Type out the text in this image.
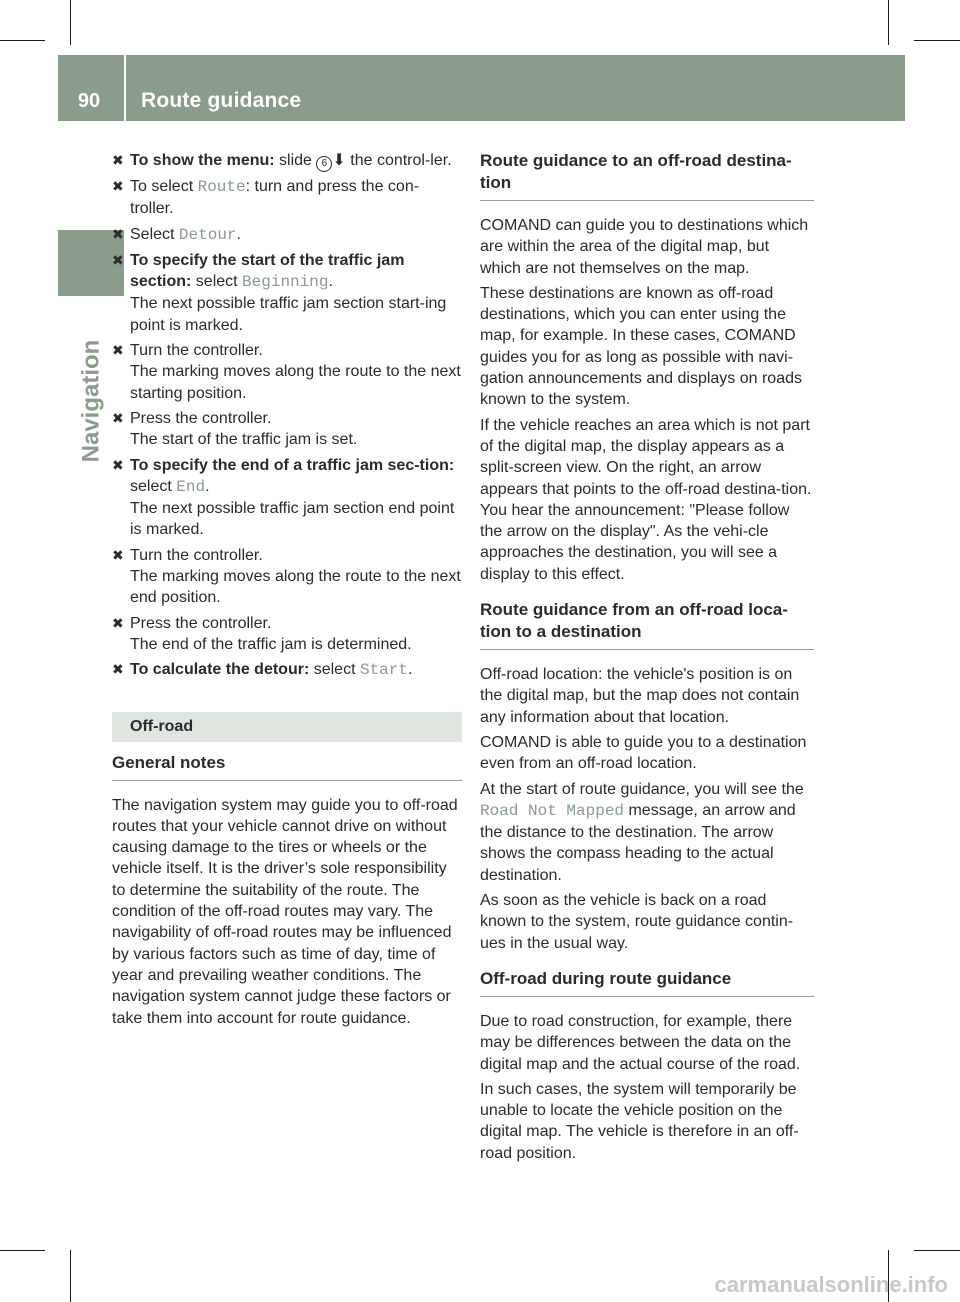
90	Route guidance
Navigation
✖ To show the menu: slide 6 ⬇ the control-ler.
✖ To select Route: turn and press the con-troller.
✖ Select Detour.
✖ To specify the start of the traffic jam section: select Beginning.

The next possible traffic jam section start-ing point is marked.

✖ Turn the controller.

The marking moves along the route to the next starting position.

✖ Press the controller.

The start of the traffic jam is set.

✖ To specify the end of a traffic jam sec-tion: select End.

The next possible traffic jam section end point is marked.

✖ Turn the controller.

The marking moves along the route to the next end position.

✖ Press the controller.

The end of the traffic jam is determined.

✖ To calculate the detour: select Start.
Off-road
General notes

The navigation system may guide you to off-road routes that your vehicle cannot drive on without causing damage to the tires or wheels or the vehicle itself. It is the driver’s sole responsibility to determine the suitability of the route. The condition of the off-road routes may vary. The navigability of off-road routes may be influenced by various factors such as time of day, time of year and prevailing weather conditions. The navigation system cannot judge these factors or take them into account for route guidance.

Route guidance to an off-road destina-tion

COMAND can guide you to destinations which are within the area of the digital map, but which are not themselves on the map.

These destinations are known as off-road destinations, which you can enter using the map, for example. In these cases, COMAND guides you for as long as possible with navi-gation announcements and displays on roads known to the system.

If the vehicle reaches an area which is not part of the digital map, the display appears as a split-screen view. On the right, an arrow appears that points to the off-road destina-tion. You hear the announcement: "Please follow the arrow on the display". As the vehi-cle approaches the destination, you will see a display to this effect.

Route guidance from an off-road loca-tion to a destination

Off-road location: the vehicle's position is on the digital map, but the map does not contain any information about that location.

COMAND is able to guide you to a destination even from an off-road location.

At the start of route guidance, you will see the Road Not Mapped message, an arrow and the distance to the destination. The arrow shows the compass heading to the actual destination.

As soon as the vehicle is back on a road known to the system, route guidance contin-ues in the usual way.

Off-road during route guidance

Due to road construction, for example, there may be differences between the data on the digital map and the actual course of the road.

In such cases, the system will temporarily be unable to locate the vehicle position on the digital map. The vehicle is therefore in an off-road position.

carmanualsonline.info
